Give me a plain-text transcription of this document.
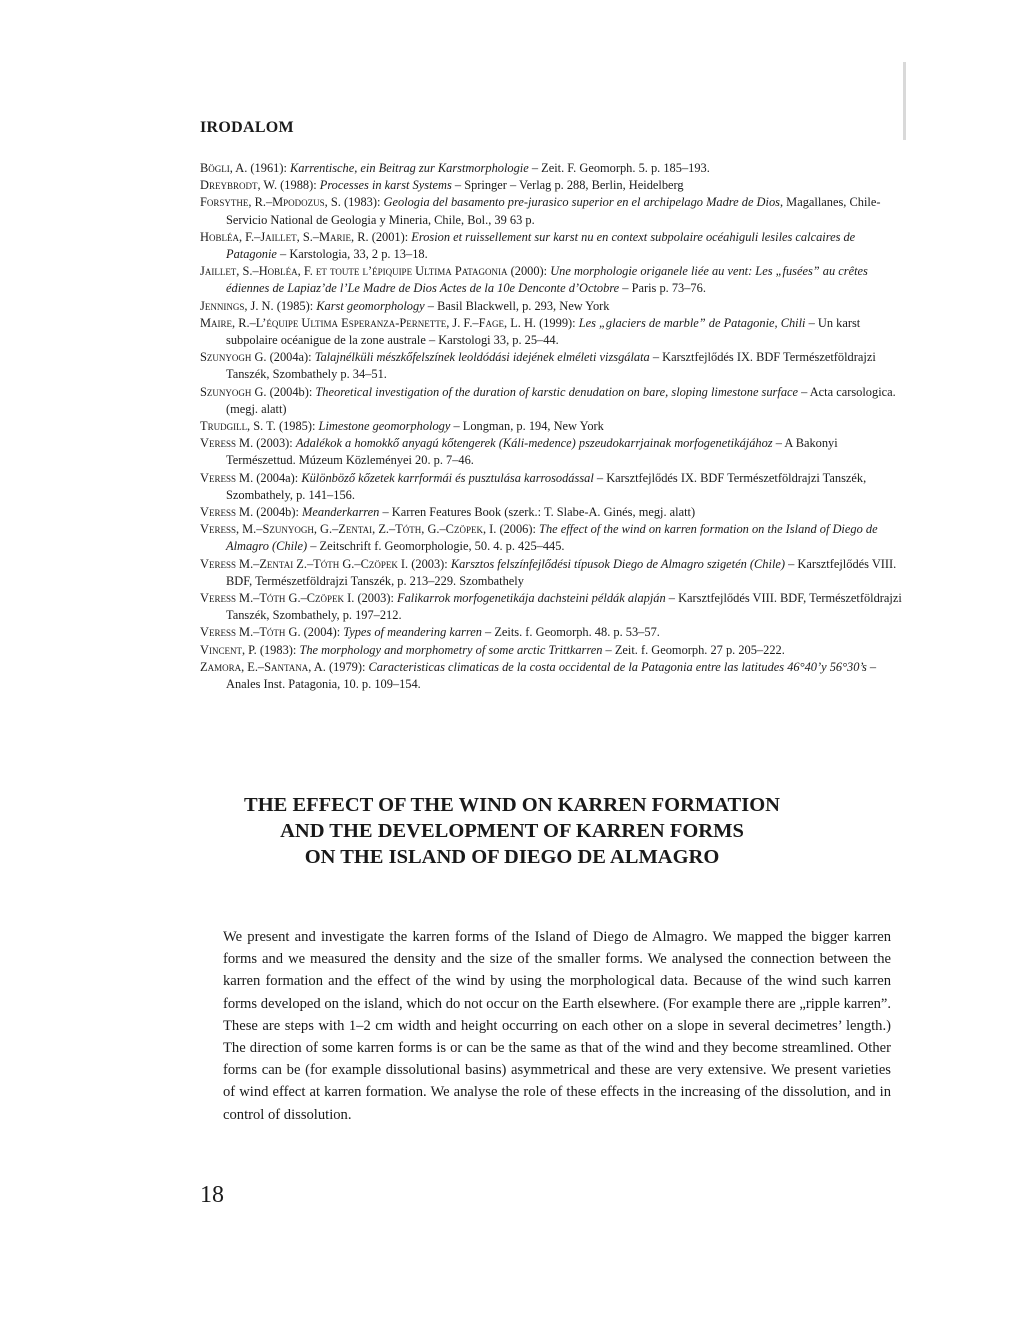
IRODALOM

Bögli, A. (1961): Karrentische, ein Beitrag zur Karstmorphologie – Zeit. F. Geomorph. 5. p. 185–193.

Dreybrodt, W. (1988): Processes in karst Systems – Springer – Verlag p. 288, Berlin, Heidelberg

Forsythe, R.–Mpodozus, S. (1983): Geologia del basamento pre-jurasico superior en el archipelago Madre de Dios, Magallanes, Chile-Servicio National de Geologia y Mineria, Chile, Bol., 39 63 p.

Hobléa, F.–Jaillet, S.–Marie, R. (2001): Erosion et ruissellement sur karst nu en context subpolaire océahiguli lesiles calcaires de Patagonie – Karstologia, 33, 2 p. 13–18.

Jaillet, S.–Hobléa, F. et toute l’épiquipe Ultima Patagonia (2000): Une morphologie origanele liée au vent: Les „fusées” au crêtes édiennes de Lapiaz’de l’Le Madre de Dios Actes de la 10e Denconte d’Octobre – Paris p. 73–76.

Jennings, J. N. (1985): Karst geomorphology – Basil Blackwell, p. 293, New York

Maire, R.–L’équipe Ultima Esperanza-Pernette, J. F.–Fage, L. H. (1999): Les „glaciers de marble” de Patagonie, Chili – Un karst subpolaire océanigue de la zone australe – Karstologi 33, p. 25–44.

Szunyogh G. (2004a): Talajnélküli mészkőfelszínek leoldódási idejének elméleti vizsgálata – Karsztfejlődés IX. BDF Természetföldrajzi Tanszék, Szombathely p. 34–51.

Szunyogh G. (2004b): Theoretical investigation of the duration of karstic denudation on bare, sloping limestone surface – Acta carsologica. (megj. alatt)

Trudgill, S. T. (1985): Limestone geomorphology – Longman, p. 194, New York

Veress M. (2003): Adalékok a homokkő anyagú kőtengerek (Káli-medence) pszeudokarrjainak morfogenetikájához – A Bakonyi Természettud. Múzeum Közleményei 20. p. 7–46.

Veress M. (2004a): Különböző kőzetek karrformái és pusztulása karrosodással – Karsztfejlődés IX. BDF Természetföldrajzi Tanszék, Szombathely, p. 141–156.

Veress M. (2004b): Meanderkarren – Karren Features Book (szerk.: T. Slabe-A. Ginés, megj. alatt)

Veress, M.–Szunyogh, G.–Zentai, Z.–Tóth, G.–Czöpek, I. (2006): The effect of the wind on karren formation on the Island of Diego de Almagro (Chile) – Zeitschrift f. Geomorphologie, 50. 4. p. 425–445.

Veress M.–Zentai Z.–Tóth G.–Czöpek I. (2003): Karsztos felszínfejlődési típusok Diego de Almagro szigetén (Chile) – Karsztfejlődés VIII. BDF, Természetföldrajzi Tanszék, p. 213–229. Szombathely

Veress M.–Tóth G.–Czöpek I. (2003): Falikarrok morfogenetikája dachsteini példák alapján – Karsztfejlődés VIII. BDF, Természetföldrajzi Tanszék, Szombathely, p. 197–212.

Veress M.–Tóth G. (2004): Types of meandering karren – Zeits. f. Geomorph. 48. p. 53–57.

Vincent, P. (1983): The morphology and morphometry of some arctic Trittkarren – Zeit. f. Geomorph. 27 p. 205–222.

Zamora, E.–Santana, A. (1979): Caracteristicas climaticas de la costa occidental de la Patagonia entre las latitudes 46°40’y 56°30’s – Anales Inst. Patagonia, 10. p. 109–154.

THE EFFECT OF THE WIND ON KARREN FORMATION
AND THE DEVELOPMENT OF KARREN FORMS
ON THE ISLAND OF DIEGO DE ALMAGRO
We present and investigate the karren forms of the Island of Diego de Almagro. We mapped the bigger karren forms and we measured the density and the size of the smaller forms. We analysed the connection between the karren formation and the effect of the wind by using the morphological data. Because of the wind such karren forms developed on the island, which do not occur on the Earth elsewhere. (For example there are „ripple karren”. These are steps with 1–2 cm width and height occurring on each other on a slope in several decimetres’ length.) The direction of some karren forms is or can be the same as that of the wind and they become streamlined. Other forms can be (for example dissolutional basins) asymmetrical and these are very extensive. We present varieties of wind effect at karren formation. We analyse the role of these effects in the increasing of the dissolution, and in control of dissolution.
18
